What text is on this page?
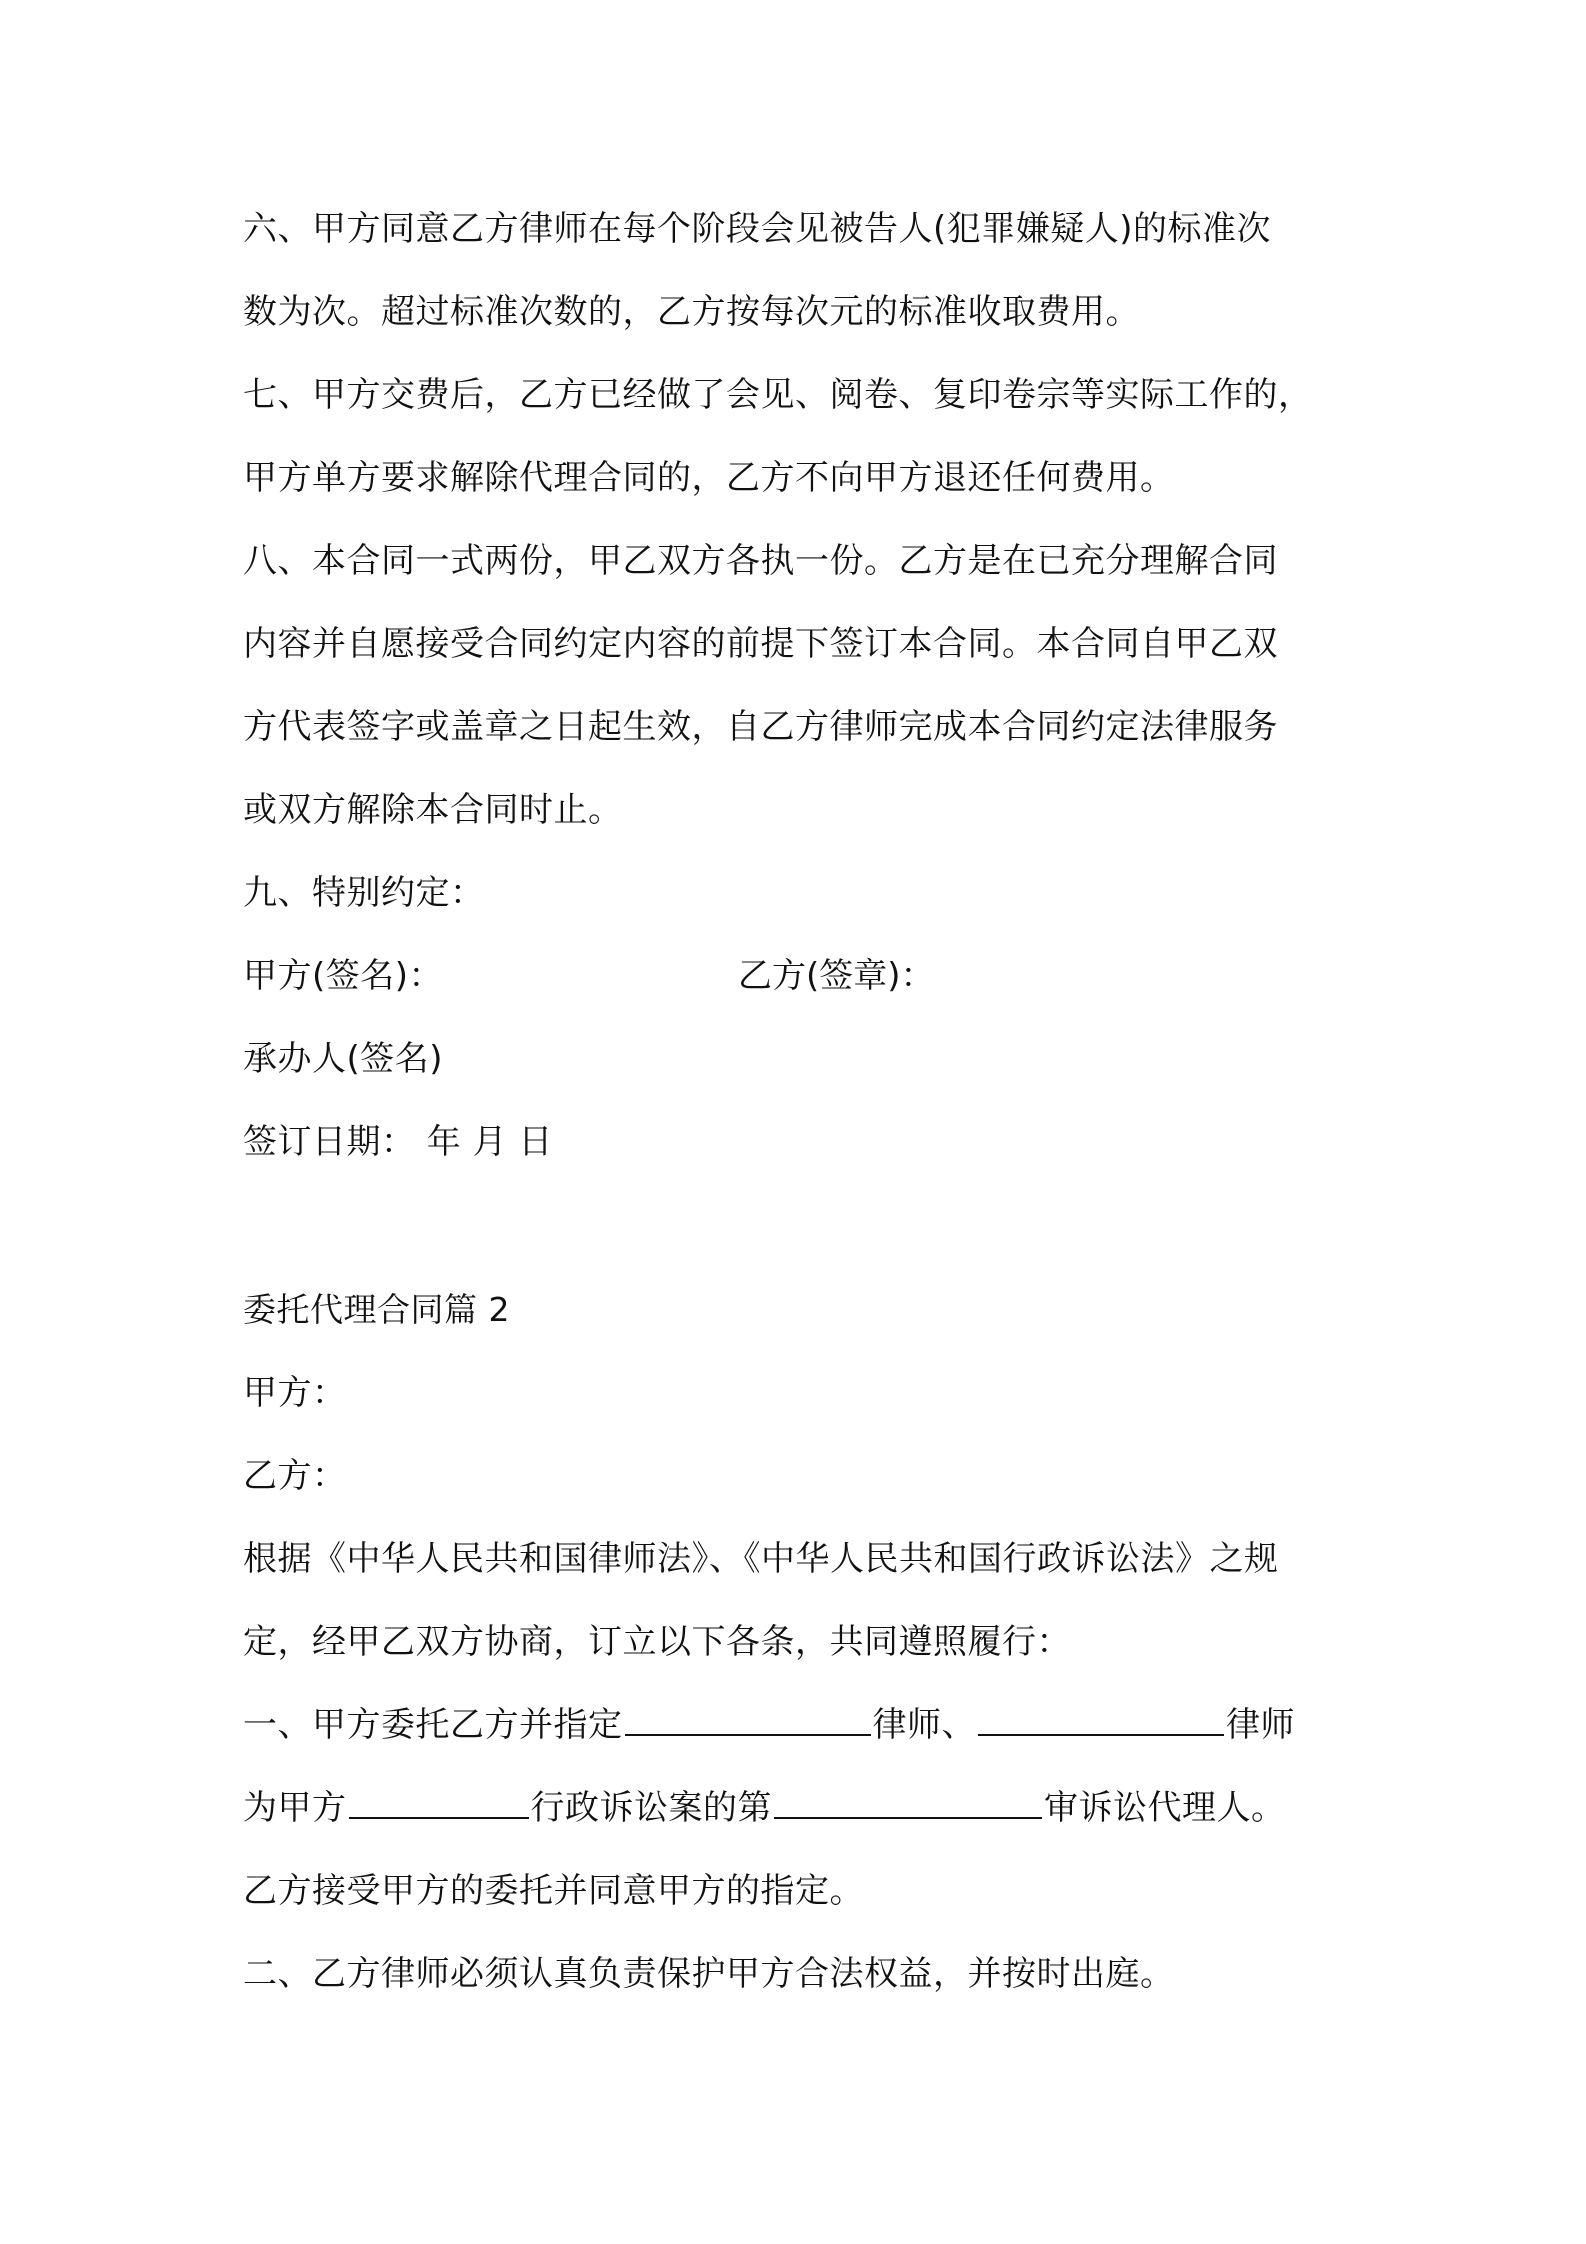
六、甲方同意乙方律师在每个阶段会见被告人(犯罪嫌疑人)的标准次
数为次。超过标准次数的，乙方按每次元的标准收取费用。
七、甲方交费后，乙方已经做了会见、阅卷、复印卷宗等实际工作的，
甲方单方要求解除代理合同的，乙方不向甲方退还任何费用。
八、本合同一式两份，甲乙双方各执一份。乙方是在已充分理解合同
内容并自愿接受合同约定内容的前提下签订本合同。本合同自甲乙双
方代表签字或盖章之日起生效，自乙方律师完成本合同约定法律服务
或双方解除本合同时止。
九、特别约定：
甲方(签名)：	乙方(签章)：
承办人(签名)
签订日期： 年 月 日
委托代理合同篇 2
甲方：
乙方：
根据《中华人民共和国律师法》、《中华人民共和国行政诉讼法》之规
定，经甲乙双方协商，订立以下各条，共同遵照履行：
一、甲方委托乙方并指定	律师、	律师
为甲方	行政诉讼案的第	审诉讼代理人。
乙方接受甲方的委托并同意甲方的指定。
二、乙方律师必须认真负责保护甲方合法权益，并按时出庭。
